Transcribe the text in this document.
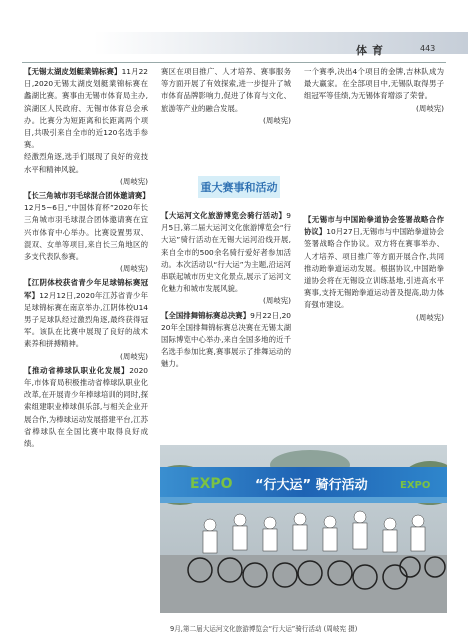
体育	443

【无锡太湖皮划艇業锦标赛】11月22日,2020无锡太湖皮划艇業锦标赛在蠡湖比赛。赛事由无锡市体育局主办,滨湖区人民政府、无锡市体育总会承办。比赛分为短距离和长距离两个项目,共吸引来自全市的近120名选手参赛。

经激烈角逐,选手们展现了良好的竞技水平和精神风貌。

(周岐宪)

【长三角城市羽毛球混合团体邀请赛】12月5~6日,“中国体育杯”2020年长三角城市羽毛球混合团体邀请赛在宜兴市体育中心举办。比赛设置男双、混双、女单等项目,来自长三角地区的多支代表队参赛。

(周岐宪)

【江阴体校获省青少年足球锦标赛冠军】12月12日,2020年江苏省青少年足球锦标赛在南京举办,江阴体校U14男子足球队经过激烈角逐,最终获得冠军。该队在比赛中展现了良好的战术素养和拼搏精神。

(周岐宪)

【推动省棒球队职业化发展】2020年,市体育局积极推动省棒球队职业化改革,在开展青少年棒球培训的同时,探索组建职业棒球俱乐部,与相关企业开展合作,为棒球运动发展搭建平台,江苏省棒球队在全国比赛中取得良好成绩。

赛区在项目推广、人才培养、赛事服务等方面开展了有效探索,进一步提升了城市体育品牌影响力,促进了体育与文化、旅游等产业的融合发展。

(周岐宪)

重大赛事和活动

【大运河文化旅游博览会骑行活动】9月5日,第二届大运河文化旅游博览会“行大运”骑行活动在无锡大运河沿线开展,来自全市的500余名骑行爱好者参加活动。本次活动以“行大运”为主题,沿运河串联起城市历史文化景点,展示了运河文化魅力和城市发展风貌。

(周岐宪)

【全国排舞锦标赛总决赛】9月22日,2020年全国排舞锦标赛总决赛在无锡太湖国际博览中心举办,来自全国多地的近千名选手参加比赛,赛事展示了排舞运动的魅力。

一个赛季,决出4个项目的金牌,吉林队成为最大赢家。在全部项目中,无锡队取得男子组冠军等佳绩,为无锡体育增添了荣誉。

(周岐宪)

【无锡市与中国跆拳道协会签署战略合作协议】10月27日,无锡市与中国跆拳道协会签署战略合作协议。双方将在赛事举办、人才培养、项目推广等方面开展合作,共同推动跆拳道运动发展。根据协议,中国跆拳道协会将在无锡设立训练基地,引进高水平赛事,支持无锡跆拳道运动普及提高,助力体育强市建设。

(周岐宪)

EXPO “行大运” 骑行活动	EXPO
9月,第二届大运河文化旅游博览会“行大运”骑行活动 (周岐宪 摄)
